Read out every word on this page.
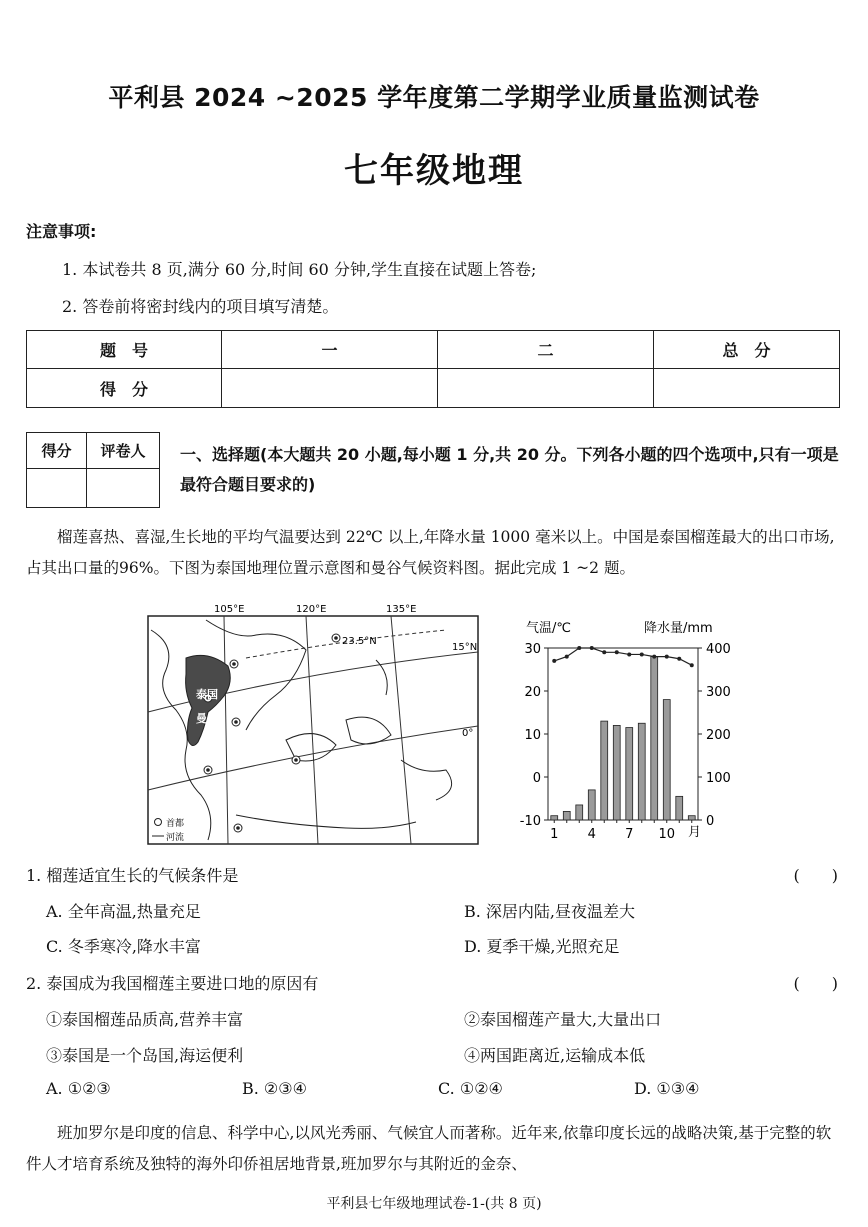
平利县 2024 ~2025 学年度第二学期学业质量监测试卷
七年级地理
注意事项:
1. 本试卷共 8 页,满分 60 分,时间 60 分钟,学生直接在试题上答卷;
2. 答卷前将密封线内的项目填写清楚。
题　号	一	二	总　分
得　分			
得分	评卷人
	一、选择题(本大题共 20 小题,每小题 1 分,共 20 分。下列各小题的四个选项中,只有一项是最符合题目要求的)
榴莲喜热、喜湿,生长地的平均气温要达到 22℃ 以上,年降水量 1000 毫米以上。中国是泰国榴莲最大的出口市场,占其出口量的96%。下图为泰国地理位置示意图和曼谷气候资料图。据此完成 1 ~2 题。
105°E	120°E	135°E
23.5°N
15°N
0°
泰国
曼谷
首都
河流
气温/℃	降水量/mm
30
20
10
0
-10
400
300
200
100
0
1 4 7 10 月
1. 榴莲适宜生长的气候条件是	(　　)
A. 全年高温,热量充足	B. 深居内陆,昼夜温差大
C. 冬季寒冷,降水丰富	D. 夏季干燥,光照充足
2. 泰国成为我国榴莲主要进口地的原因有	(　　)
①泰国榴莲品质高,营养丰富	②泰国榴莲产量大,大量出口
③泰国是一个岛国,海运便利	④两国距离近,运输成本低
A. ①②③	B. ②③④	C. ①②④	D. ①③④
班加罗尔是印度的信息、科学中心,以风光秀丽、气候宜人而著称。近年来,依靠印度长远的战略决策,基于完整的软件人才培育系统及独特的海外印侨祖居地背景,班加罗尔与其附近的金奈、
平利县七年级地理试卷-1-(共 8 页)
